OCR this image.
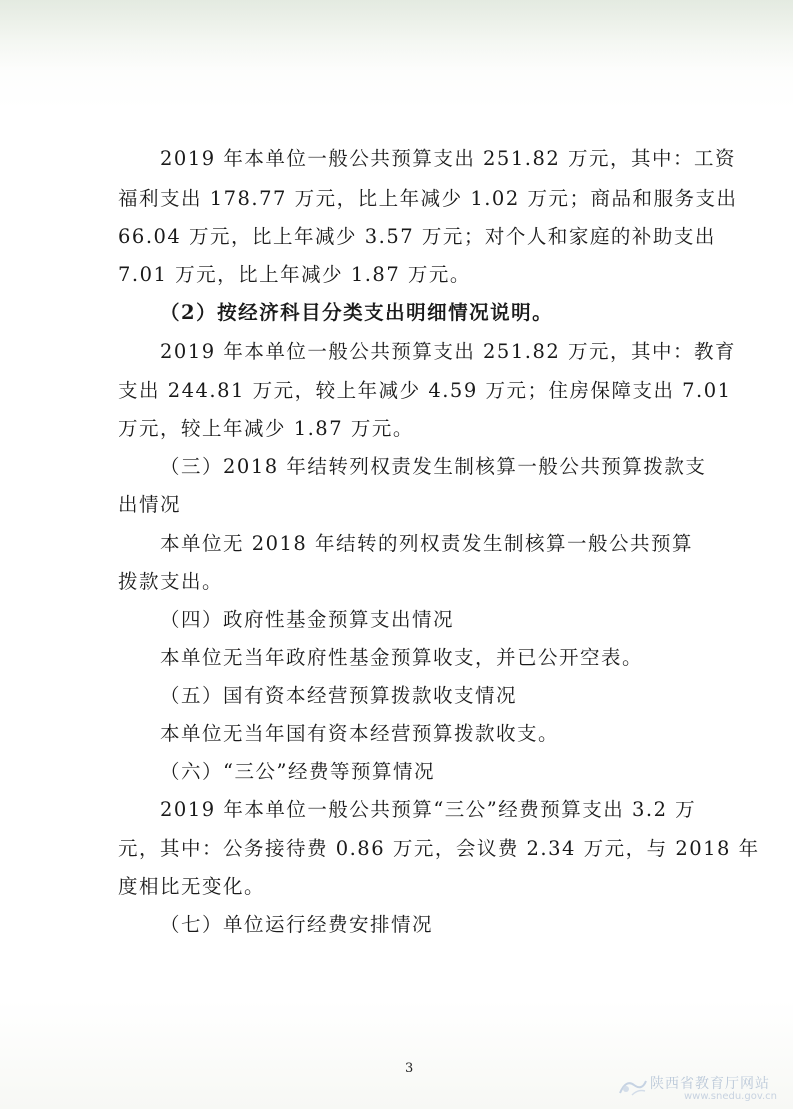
2019 年本单位一般公共预算支出 251.82 万元，其中：工资
福利支出 178.77 万元，比上年减少 1.02 万元；商品和服务支出
66.04 万元，比上年减少 3.57 万元；对个人和家庭的补助支出
7.01 万元，比上年减少 1.87 万元。
（2）按经济科目分类支出明细情况说明。
2019 年本单位一般公共预算支出 251.82 万元，其中：教育
支出 244.81 万元，较上年减少 4.59 万元；住房保障支出 7.01
万元，较上年减少 1.87 万元。
（三）2018 年结转列权责发生制核算一般公共预算拨款支
出情况
本单位无 2018 年结转的列权责发生制核算一般公共预算
拨款支出。
（四）政府性基金预算支出情况
本单位无当年政府性基金预算收支，并已公开空表。
（五）国有资本经营预算拨款收支情况
本单位无当年国有资本经营预算拨款收支。
（六）“三公”经费等预算情况
2019 年本单位一般公共预算“三公”经费预算支出 3.2 万
元，其中：公务接待费 0.86 万元，会议费 2.34 万元，与 2018 年
度相比无变化。
（七）单位运行经费安排情况
3
陕西省教育厅网站
www.snedu.gov.cn
